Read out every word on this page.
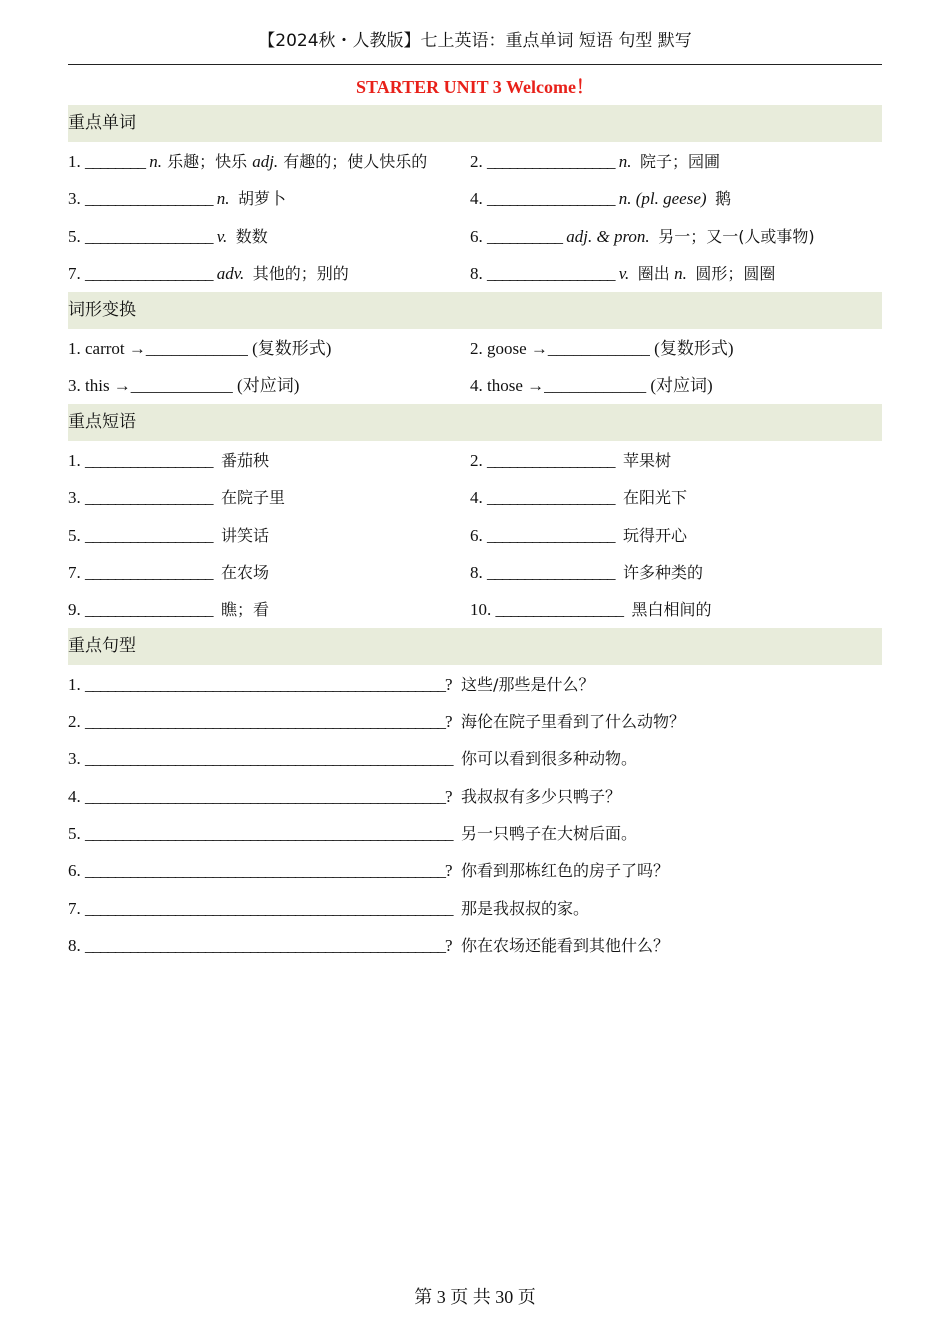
【2024秋・人教版】七上英语：重点单词 短语 句型 默写
STARTER UNIT 3 Welcome！
重点单词
1. ________ n. 乐趣；快乐 adj. 有趣的；使人快乐的	2. _________________ n. 院子；园圃
3. _________________ n. 胡萝卜	4. _________________ n. (pl. geese) 鹅
5. _________________ v. 数数	6. __________ adj. & pron. 另一；又一(人或事物)
7. _________________ adv. 其他的；别的	8. _________________ v. 圈出 n. 圆形；圆圈
词形变换
1. carrot →____________ (复数形式)	2. goose →____________ (复数形式)
3. this →____________ (对应词)	4. those →____________ (对应词)
重点短语
1. _________________ 番茄秧	2. _________________ 苹果树
3. _________________ 在院子里	4. _________________ 在阳光下
5. _________________ 讲笑话	6. _________________ 玩得开心
7. _________________ 在农场	8. _________________ 许多种类的
9. _________________ 瞧；看	10. _________________ 黑白相间的
重点句型
1. ________________________________________________? 这些/那些是什么？
2. ________________________________________________? 海伦在院子里看到了什么动物？
3. _________________________________________________ 你可以看到很多种动物。
4. ________________________________________________? 我叔叔有多少只鸭子？
5. _________________________________________________ 另一只鸭子在大树后面。
6. ________________________________________________? 你看到那栋红色的房子了吗？
7. _________________________________________________ 那是我叔叔的家。
8. ________________________________________________? 你在农场还能看到其他什么？
第 3 页 共 30 页
